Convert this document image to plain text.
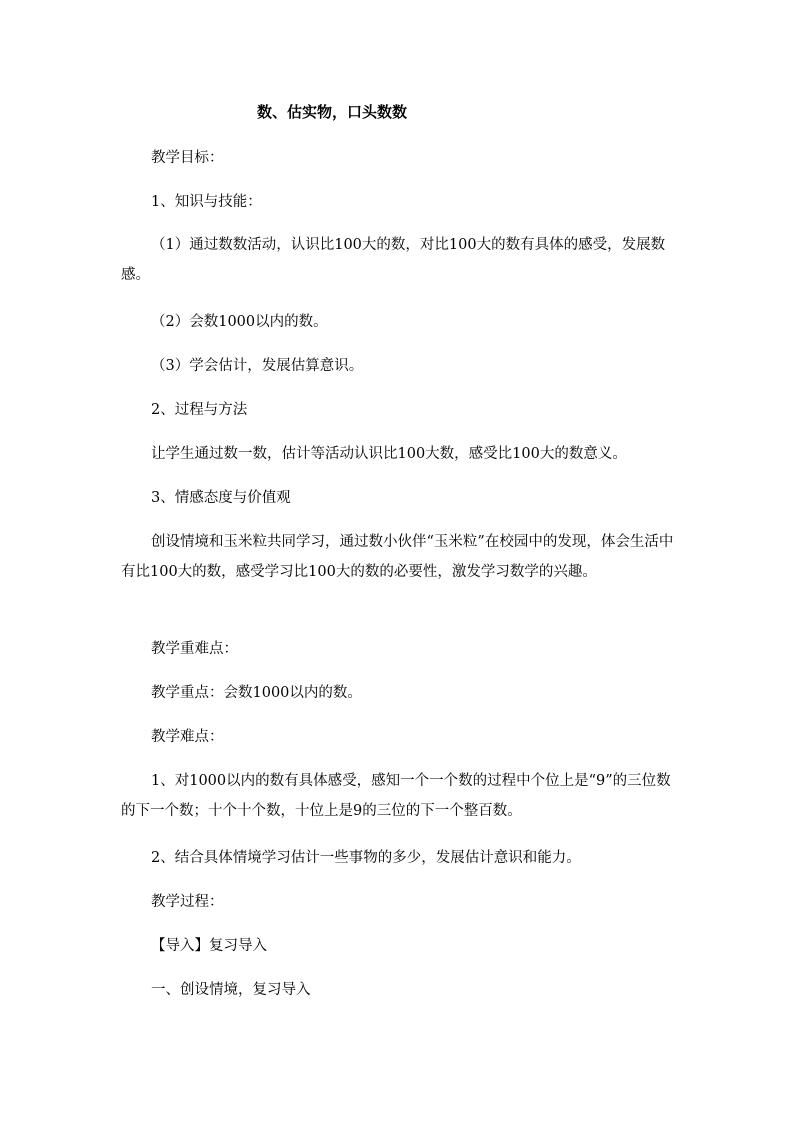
数、估实物，口头数数

教学目标：

1、知识与技能：

（1）通过数数活动，认识比100大的数，对比100大的数有具体的感受，发展数感。

（2）会数1000以内的数。

（3）学会估计，发展估算意识。

2、过程与方法

让学生通过数一数，估计等活动认识比100大数，感受比100大的数意义。

3、情感态度与价值观

创设情境和玉米粒共同学习，通过数小伙伴“玉米粒”在校园中的发现，体会生活中有比100大的数，感受学习比100大的数的必要性，激发学习数学的兴趣。

教学重难点：

教学重点：会数1000以内的数。

教学难点：

1、对1000以内的数有具体感受，感知一个一个数的过程中个位上是“9”的三位数的下一个数；十个十个数，十位上是9的三位的下一个整百数。

2、结合具体情境学习估计一些事物的多少，发展估计意识和能力。

教学过程：

【导入】复习导入

一、创设情境，复习导入
